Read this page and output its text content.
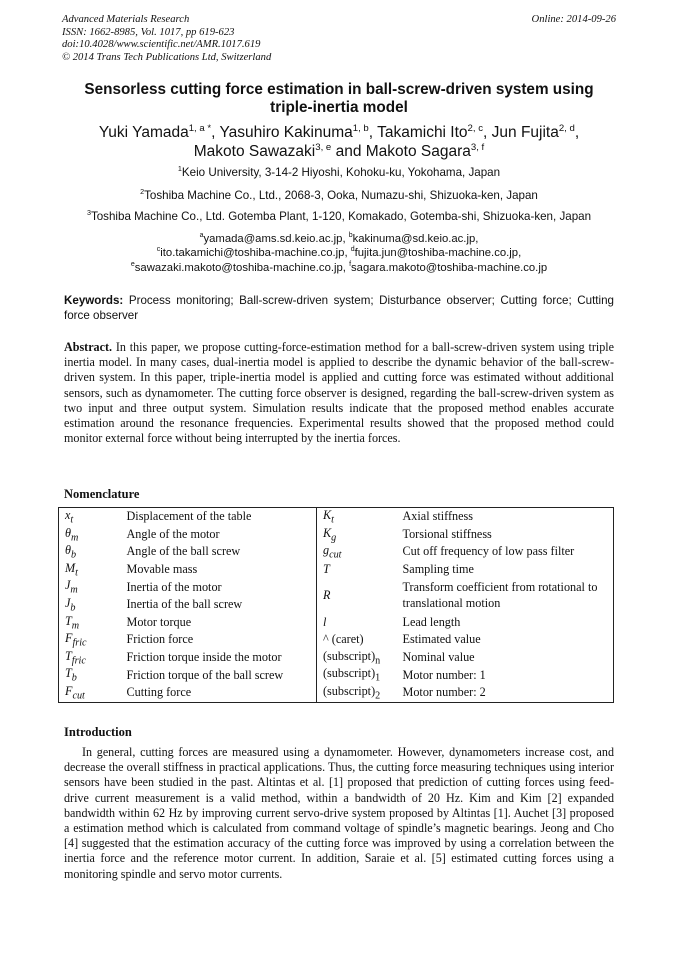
Advanced Materials Research
ISSN: 1662-8985, Vol. 1017, pp 619-623
doi:10.4028/www.scientific.net/AMR.1017.619
© 2014 Trans Tech Publications Ltd, Switzerland
Online: 2014-09-26
Sensorless cutting force estimation in ball-screw-driven system using triple-inertia model
Yuki Yamada$^{1, a *}$, Yasuhiro Kakinuma$^{1, b}$, Takamichi Ito$^{2, c}$, Jun Fujita$^{2, d}$,
Makoto Sawazaki$^{3, e}$ and Makoto Sagara$^{3, f}$
$^1$Keio University, 3-14-2 Hiyoshi, Kohoku-ku, Yokohama, Japan
$^2$Toshiba Machine Co., Ltd., 2068-3, Ooka, Numazu-shi, Shizuoka-ken, Japan
$^3$Toshiba Machine Co., Ltd. Gotemba Plant, 1-120, Komakado, Gotemba-shi, Shizuoka-ken, Japan
$^a$yamada@ams.sd.keio.ac.jp, $^b$kakinuma@sd.keio.ac.jp,
$^c$ito.takamichi@toshiba-machine.co.jp, $^d$fujita.jun@toshiba-machine.co.jp,
$^e$sawazaki.makoto@toshiba-machine.co.jp, $^f$sagara.makoto@toshiba-machine.co.jp
Keywords: Process monitoring; Ball-screw-driven system; Disturbance observer; Cutting force; Cutting force observer
Abstract. In this paper, we propose cutting-force-estimation method for a ball-screw-driven system using triple inertia model. In many cases, dual-inertia model is applied to describe the dynamic behavior of the ball-screw-driven system. In this paper, triple-inertia model is applied and cutting force was estimated without additional sensors, such as dynamometer. The cutting force observer is designed, regarding the ball-screw-driven system as two input and three output system. Simulation results indicate that the proposed method enables accurate estimation around the resonance frequencies. Experimental results showed that the proposed method could monitor external force without being interrupted by the inertia forces.
Nomenclature
$x_t$	Displacement of the table	$K_t$	Axial stiffness
$\theta_m$	Angle of the motor	$K_g$	Torsional stiffness
$\theta_b$	Angle of the ball screw	$g_{cut}$	Cut off frequency of low pass filter
$M_t$	Movable mass	T	Sampling time
$J_m$	Inertia of the motor	R	Transform coefficient from rotational to translational motion
$J_b$	Inertia of the ball screw		
$T_m$	Motor torque	l	Lead length
$F_{fric}$	Friction force	^ (caret)	Estimated value
$T_{fric}$	Friction torque inside the motor	$(subscript)_n$	Nominal value
$T_b$	Friction torque of the ball screw	$(subscript)_1$	Motor number: 1
$F_{cut}$	Cutting force	$(subscript)_2$	Motor number: 2
Introduction
In general, cutting forces are measured using a dynamometer. However, dynamometers increase cost, and decrease the overall stiffness in practical applications. Thus, the cutting force measuring techniques using interior sensors have been studied in the past. Altintas et al. [1] proposed that prediction of cutting forces using feed-drive current measurement is a valid method, within a bandwidth of 20 Hz. Kim and Kim [2] expanded bandwidth within 62 Hz by improving current servo-drive system proposed by Altintas [1]. Auchet [3] proposed a estimation method which is calculated from command voltage of spindle’s magnetic bearings. Jeong and Cho [4] suggested that the estimation accuracy of the cutting force was improved by using a correlation between the inertia force and the reference motor current. In addition, Saraie et al. [5] estimated cutting forces using a monitoring spindle and servo motor currents.
